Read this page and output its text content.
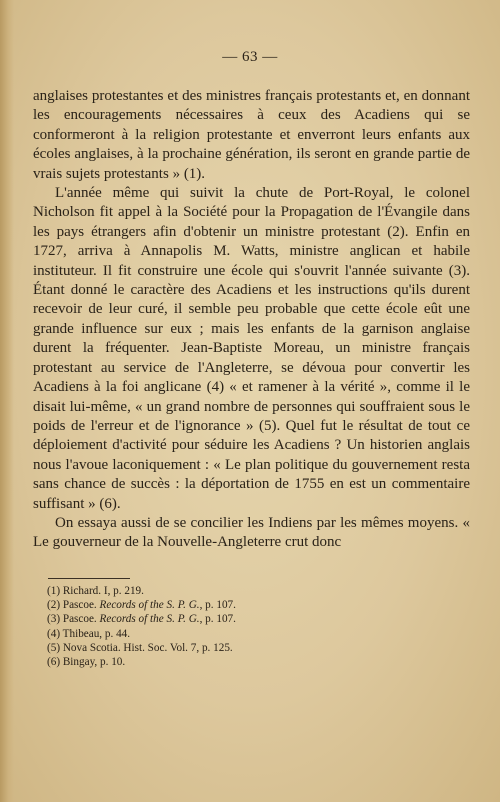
— 63 —

anglaises protestantes et des ministres français protestants et, en donnant les encouragements nécessaires à ceux des Acadiens qui se conformeront à la religion protestante et enverront leurs enfants aux écoles anglaises, à la prochaine génération, ils seront en grande partie de vrais sujets protestants » (1).

L'année même qui suivit la chute de Port-Royal, le colonel Nicholson fit appel à la Société pour la Propagation de l'Évangile dans les pays étrangers afin d'obtenir un ministre protestant (2). Enfin en 1727, arriva à Annapolis M. Watts, ministre anglican et habile instituteur. Il fit construire une école qui s'ouvrit l'année suivante (3). Étant donné le caractère des Acadiens et les instructions qu'ils durent recevoir de leur curé, il semble peu probable que cette école eût une grande influence sur eux ; mais les enfants de la garnison anglaise durent la fréquenter. Jean-Baptiste Moreau, un ministre français protestant au service de l'Angleterre, se dévoua pour convertir les Acadiens à la foi anglicane (4) « et ramener à la vérité », comme il le disait lui-même, « un grand nombre de personnes qui souffraient sous le poids de l'erreur et de l'ignorance » (5). Quel fut le résultat de tout ce déploiement d'activité pour séduire les Acadiens ? Un historien anglais nous l'avoue laconiquement : « Le plan politique du gouvernement resta sans chance de succès : la déportation de 1755 en est un commentaire suffisant » (6).

On essaya aussi de se concilier les Indiens par les mêmes moyens. « Le gouverneur de la Nouvelle-Angleterre crut donc

(1) Richard. I, p. 219.

(2) Pascoe. Records of the S. P. G., p. 107.

(3) Pascoe. Records of the S. P. G., p. 107.

(4) Thibeau, p. 44.

(5) Nova Scotia. Hist. Soc. Vol. 7, p. 125.

(6) Bingay, p. 10.
